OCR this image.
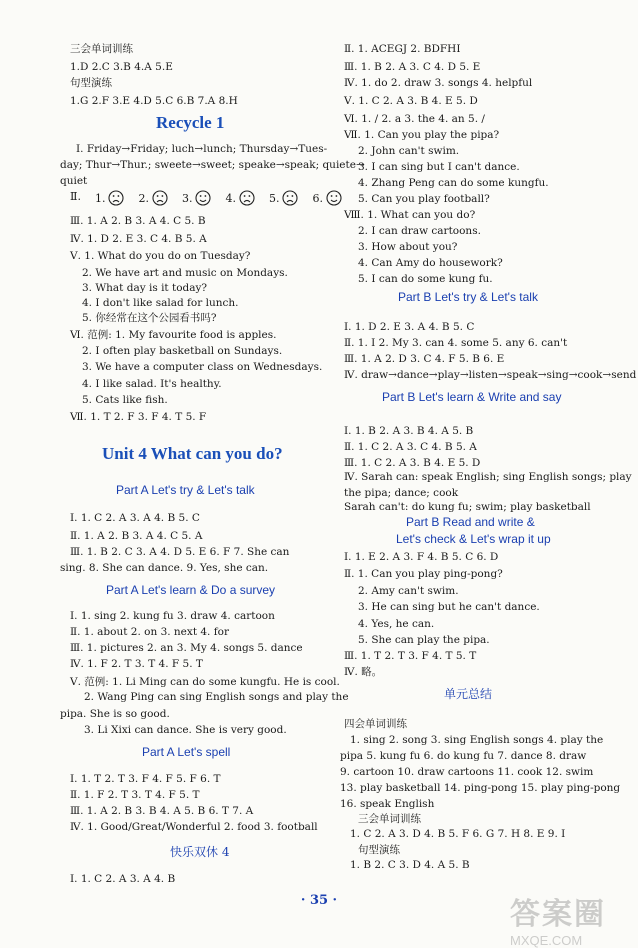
三会单词训练
1.D 2.C 3.B 4.A 5.E
句型演练
1.G 2.F 3.E 4.D 5.C 6.B 7.A 8.H
Recycle 1
Ⅰ. Friday→Friday; luch→lunch; Thursday→Tues-
day; Thur→Thur.; sweete→sweet; speake→speak; quiete→
quiet
Ⅲ. 1. A 2. B 3. A 4. C 5. B
Ⅳ. 1. D 2. E 3. C 4. B 5. A
Ⅴ. 1. What do you do on Tuesday?
2. We have art and music on Mondays.
3. What day is it today?
4. I don't like salad for lunch.
5. 你经常在这个公园看书吗?
Ⅵ. 范例: 1. My favourite food is apples.
2. I often play basketball on Sundays.
3. We have a computer class on Wednesdays.
4. I like salad. It's healthy.
5. Cats like fish.
Ⅶ. 1. T 2. F 3. F 4. T 5. F
Unit 4 What can you do?
Part A Let's try & Let's talk
Ⅰ. 1. C 2. A 3. A 4. B 5. C
Ⅱ. 1. A 2. B 3. A 4. C 5. A
Ⅲ. 1. B 2. C 3. A 4. D 5. E 6. F 7. She can
sing. 8. She can dance. 9. Yes, she can.
Part A Let's learn & Do a survey
Ⅰ. 1. sing 2. kung fu 3. draw 4. cartoon
Ⅱ. 1. about 2. on 3. next 4. for
Ⅲ. 1. pictures 2. an 3. My 4. songs 5. dance
Ⅳ. 1. F 2. T 3. T 4. F 5. T
Ⅴ. 范例: 1. Li Ming can do some kungfu. He is cool.
2. Wang Ping can sing English songs and play the
pipa. She is so good.
3. Li Xixi can dance. She is very good.
Part A Let's spell
Ⅰ. 1. T 2. T 3. F 4. F 5. F 6. T
Ⅱ. 1. F 2. T 3. T 4. F 5. T
Ⅲ. 1. A 2. B 3. B 4. A 5. B 6. T 7. A
Ⅳ. 1. Good/Great/Wonderful 2. food 3. football
快乐双休 4
Ⅰ. 1. C 2. A 3. A 4. B
Ⅱ. 1.	2.	3.	4.	5.	6.
Ⅱ. 1. ACEGJ 2. BDFHI
Ⅲ. 1. B 2. A 3. C 4. D 5. E
Ⅳ. 1. do 2. draw 3. songs 4. helpful
Ⅴ. 1. C 2. A 3. B 4. E 5. D
Ⅵ. 1. / 2. a 3. the 4. an 5. /
Ⅶ. 1. Can you play the pipa?
2. John can't swim.
3. I can sing but I can't dance.
4. Zhang Peng can do some kungfu.
5. Can you play football?
Ⅷ. 1. What can you do?
2. I can draw cartoons.
3. How about you?
4. Can Amy do housework?
5. I can do some kung fu.
Part B Let's try & Let's talk
Ⅰ. 1. D 2. E 3. A 4. B 5. C
Ⅱ. 1. I 2. My 3. can 4. some 5. any 6. can't
Ⅲ. 1. A 2. D 3. C 4. F 5. B 6. E
Ⅳ. draw→dance→play→listen→speak→sing→cook→send
Part B Let's learn & Write and say
Ⅰ. 1. B 2. A 3. B 4. A 5. B
Ⅱ. 1. C 2. A 3. C 4. B 5. A
Ⅲ. 1. C 2. A 3. B 4. E 5. D
Ⅳ. Sarah can: speak English; sing English songs; play
the pipa; dance; cook
Sarah can't: do kung fu; swim; play basketball
Part B Read and write &
Let's check & Let's wrap it up
Ⅰ. 1. E 2. A 3. F 4. B 5. C 6. D
Ⅱ. 1. Can you play ping-pong?
2. Amy can't swim.
3. He can sing but he can't dance.
4. Yes, he can.
5. She can play the pipa.
Ⅲ. 1. T 2. T 3. F 4. T 5. T
Ⅳ. 略。
单元总结
四会单词训练
1. sing 2. song 3. sing English songs 4. play the
pipa 5. kung fu 6. do kung fu 7. dance 8. draw
9. cartoon 10. draw cartoons 11. cook 12. swim
13. play basketball 14. ping-pong 15. play ping-pong
16. speak English
三会单词训练
1. C 2. A 3. D 4. B 5. F 6. G 7. H 8. E 9. I
句型演练
1. B 2. C 3. D 4. A 5. B
· 35 ·	答案圈
MXQE.COM
